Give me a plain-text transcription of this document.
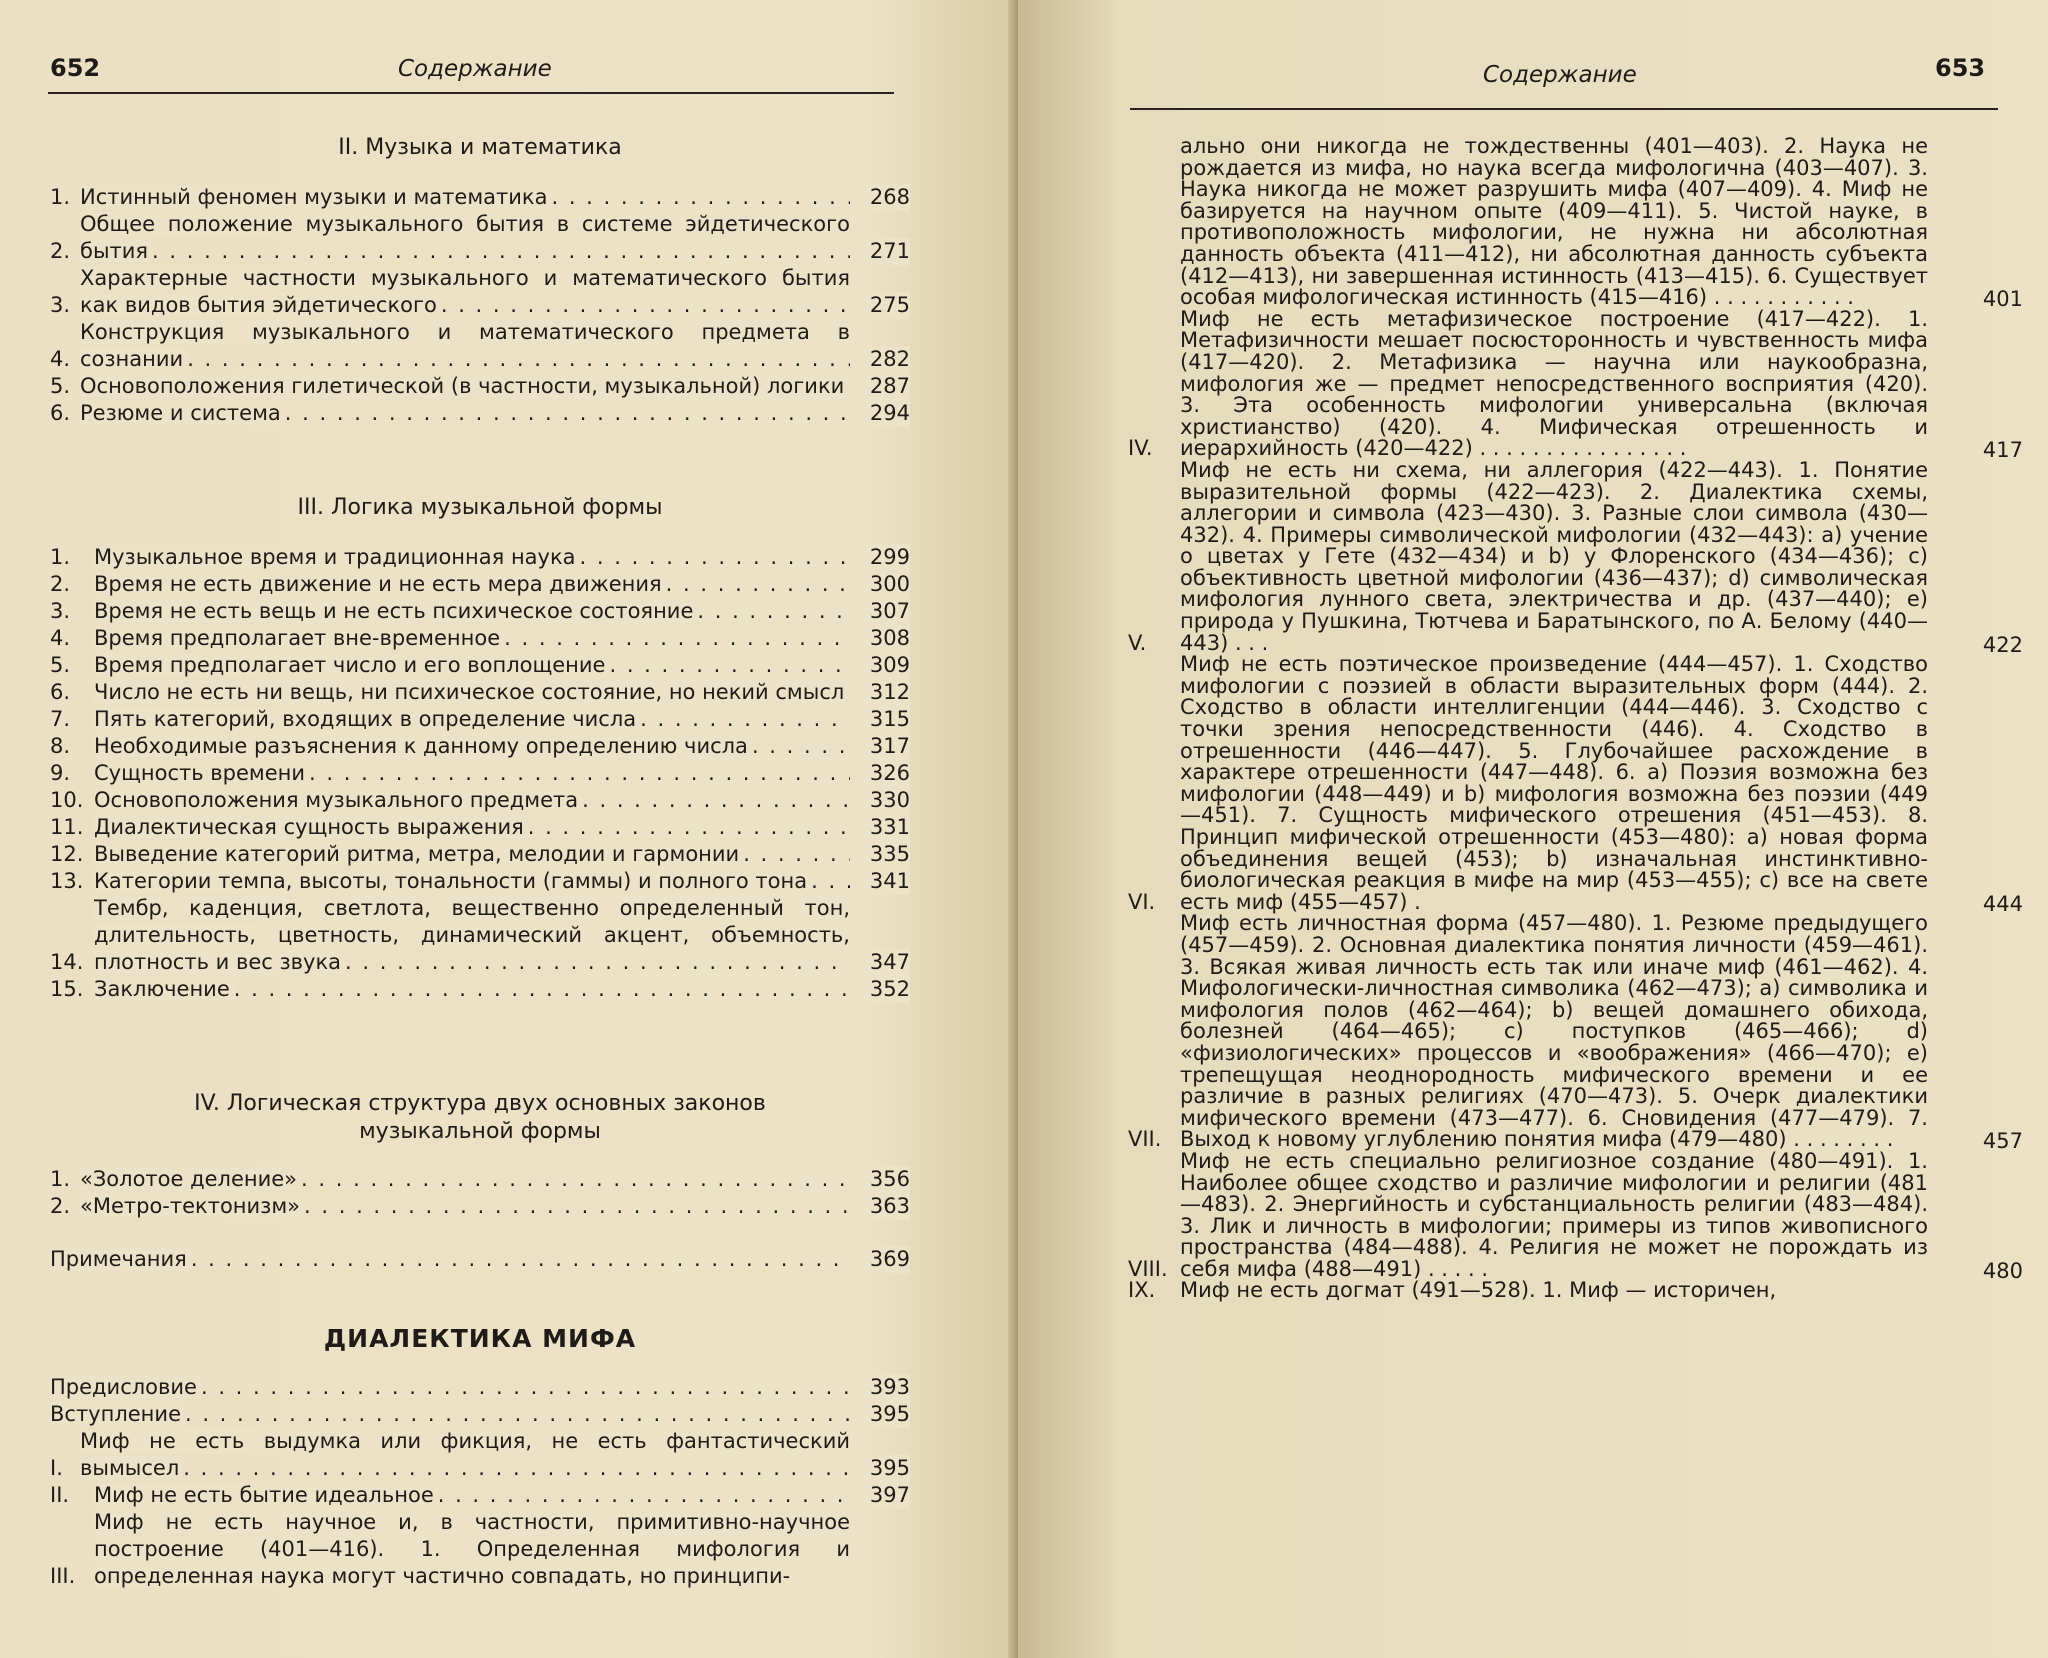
652	Содержание
II. Музыка и математика
1. Истинный феномен музыки и математика . . .	268
2.
Общее положение музыкального бытия в системе эйдетического бытия . . .	271
3.
Характерные частности музыкального и математического бытия как видов бытия эйдетического . . .	275
4.
Конструкция музыкального и математического предмета в сознании . . .	282
5. Основоположения гилетической (в частности, музыкальной) логики . . .	287
6. Резюме и система . . .	294
III. Логика музыкальной формы
1.	Музыкальное время и традиционная наука . . .	299
2.	Время не есть движение и не есть мера движения . . .	300
3.	Время не есть вещь и не есть психическое состояние . . .	307
4.	Время предполагает вне-временное . . .	308
5.	Время предполагает число и его воплощение . . .	309
6.	Число не есть ни вещь, ни психическое состояние, но некий смысл . . .	312
7.	Пять категорий, входящих в определение числа . . .	315
8.	Необходимые разъяснения к данному определению числа . . .	317
9.	Сущность времени . . .	326
10. Основоположения музыкального предмета . . .	330
11. Диалектическая сущность выражения . . .	331
12. Выведение категорий ритма, метра, мелодии и гармонии . . .	335
13. Категории темпа, высоты, тональности (гаммы) и полного тона . . .	341
14.
Тембр, каденция, светлота, вещественно определенный тон, длительность, цветность, динамический акцент, объемность, плотность и вес звука . . .	347
15. Заключение . . .	352
IV. Логическая структура двух основных законов
музыкальной формы
1. «Золотое деление» . . .	356
2. «Метро-тектонизм» . . .	363
Примечания . . .	369
ДИАЛЕКТИКА МИФА
Предисловие . . .	393
Вступление . . .	395
I.
Миф не есть выдумка или фикция, не есть фантастический вымысел . . .	395
II.	Миф не есть бытие идеальное . . .	397
III.
Миф не есть научное и, в частности, примитивно-научное построение (401—416). 1. Определенная мифология и определенная наука могут частично совпадать, но принципи-
Содержание	653
ально они никогда не тождественны (401—403). 2. Наука не рождается из мифа, но наука всегда мифологична (403—407). 3. Наука никогда не может разрушить мифа (407—409). 4. Миф не базируется на научном опыте (409—411). 5. Чистой науке, в противоположность мифологии, не нужна ни абсолютная данность объекта (411—412), ни абсолютная данность субъекта (412—413), ни завершенная истинность (413—415). 6. Существует особая мифологическая истинность (415—416) . . . . . . . . . . .	401
IV.
Миф не есть метафизическое построение (417—422). 1. Метафизичности мешает посюсторонность и чувственность мифа (417—420). 2. Метафизика — научна или наукообразна, мифология же — предмет непосредственного восприятия (420). 3. Эта особенность мифологии универсальна (включая христианство) (420). 4. Мифическая отрешенность и иерархийность (420—422) . . . . . . . . . . . . . . . .	417
V.
Миф не есть ни схема, ни аллегория (422—443). 1. Понятие выразительной формы (422—423). 2. Диалектика схемы, аллегории и символа (423—430). 3. Разные слои символа (430—432). 4. Примеры символической мифологии (432—443): a) учение о цветах у Гете (432—434) и b) у Флоренского (434—436); c) объективность цветной мифологии (436—437); d) символическая мифология лунного света, электричества и др. (437—440); e) природа у Пушкина, Тютчева и Баратынского, по А. Белому (440—443) . . .	422
VI.
Миф не есть поэтическое произведение (444—457). 1. Сходство мифологии с поэзией в области выразительных форм (444). 2. Сходство в области интеллигенции (444—446). 3. Сходство с точки зрения непосредственности (446). 4. Сходство в отрешенности (446—447). 5. Глубочайшее расхождение в характере отрешенности (447—448). 6. a) Поэзия возможна без мифологии (448—449) и b) мифология возможна без поэзии (449—451). 7. Сущность мифического отрешения (451—453). 8. Принцип мифической отрешенности (453—480): a) новая форма объединения вещей (453); b) изначальная инстинктивно-биологическая реакция в мифе на мир (453—455); c) все на свете есть миф (455—457) .	444
VII.
Миф есть личностная форма (457—480). 1. Резюме предыдущего (457—459). 2. Основная диалектика понятия личности (459—461). 3. Всякая живая личность есть так или иначе миф (461—462). 4. Мифологически-личностная символика (462—473); a) символика и мифология полов (462—464); b) вещей домашнего обихода, болезней (464—465); c) поступков (465—466); d) «физиологических» процессов и «воображения» (466—470); e) трепещущая неоднородность мифического времени и ее различие в разных религиях (470—473). 5. Очерк диалектики мифического времени (473—477). 6. Сновидения (477—479). 7. Выход к новому углублению понятия мифа (479—480) . . . . . . . .	457
VIII.
Миф не есть специально религиозное создание (480—491). 1. Наиболее общее сходство и различие мифологии и религии (481—483). 2. Энергийность и субстанциальность религии (483—484). 3. Лик и личность в мифологии; примеры из типов живописного пространства (484—488). 4. Религия не может не порождать из себя мифа (488—491) . . . . .	480
IX.	Миф не есть догмат (491—528). 1. Миф — историчен,
